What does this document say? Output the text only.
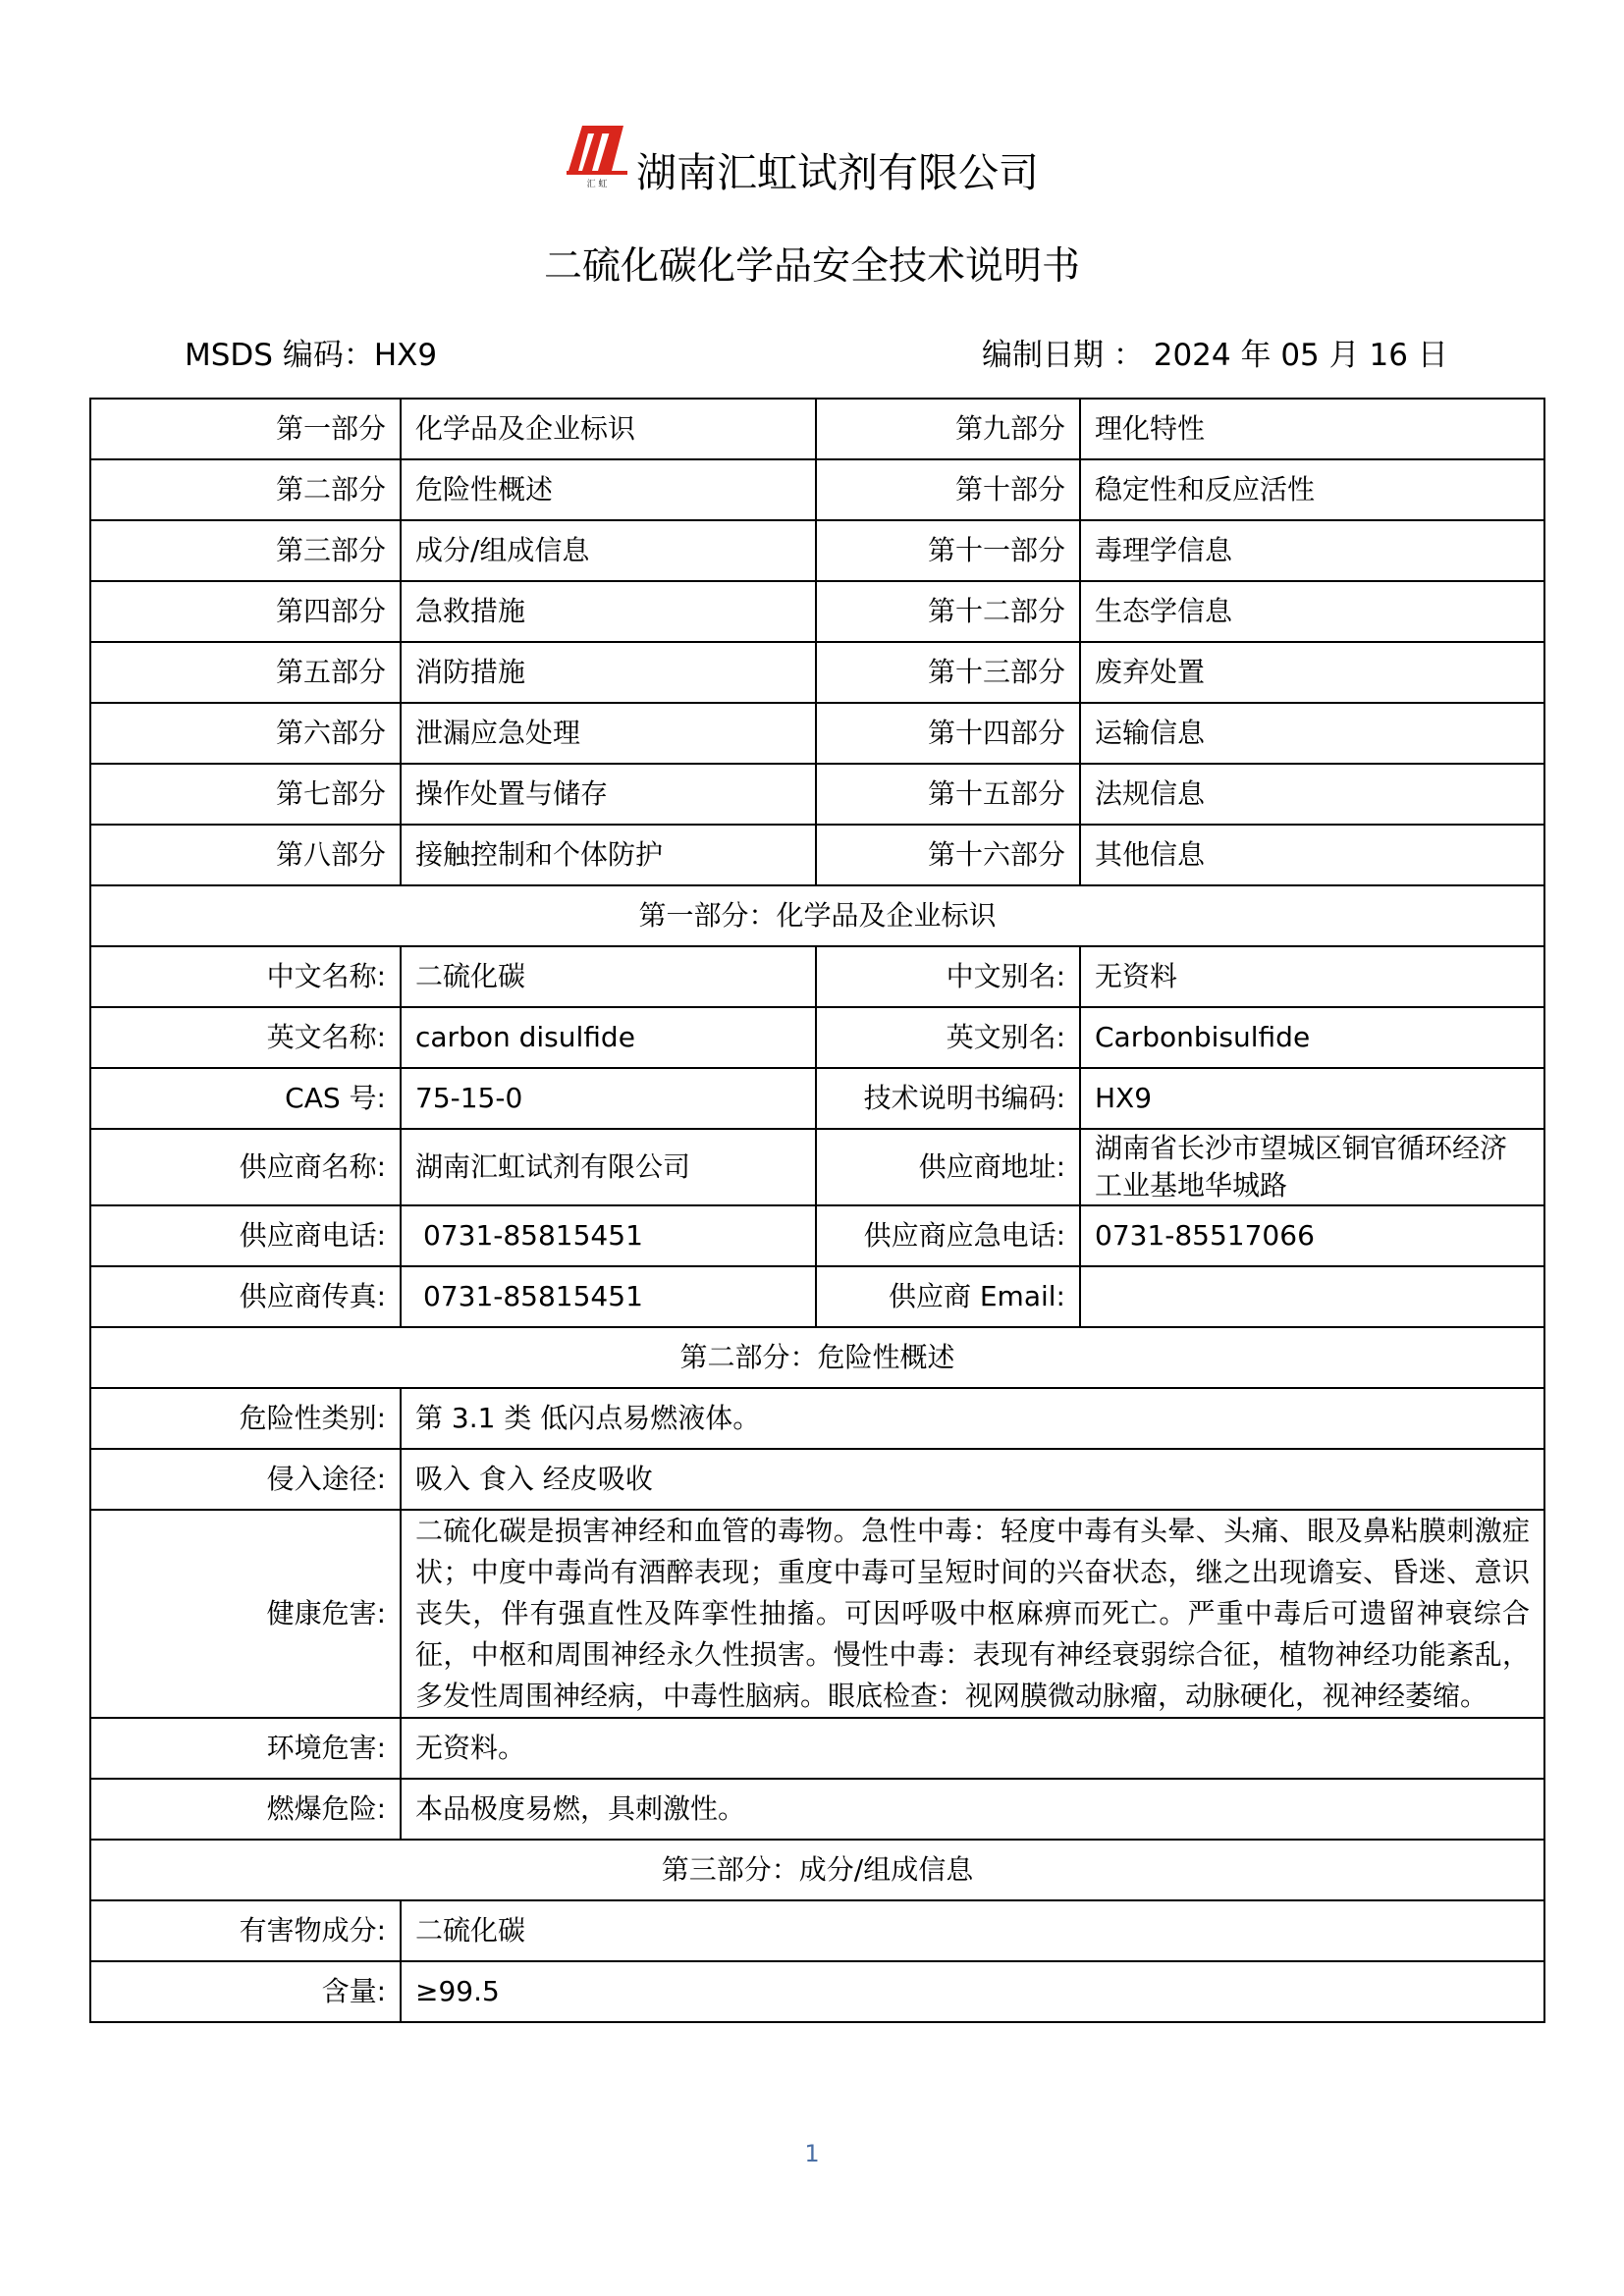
汇 虹 湖南汇虹试剂有限公司
二硫化碳化学品安全技术说明书
MSDS 编码：HX9	编制日期 ： 2024 年 05 月 16 日
第一部分	化学品及企业标识	第九部分	理化特性
第二部分	危险性概述	第十部分	稳定性和反应活性
第三部分	成分/组成信息	第十一部分	毒理学信息
第四部分	急救措施	第十二部分	生态学信息
第五部分	消防措施	第十三部分	废弃处置
第六部分	泄漏应急处理	第十四部分	运输信息
第七部分	操作处置与储存	第十五部分	法规信息
第八部分	接触控制和个体防护	第十六部分	其他信息
第一部分：化学品及企业标识			
中文名称:	二硫化碳	中文别名:	无资料
英文名称:	carbon disulfide	英文别名:	Carbonbisulfide
CAS 号:	75-15-0	技术说明书编码:	HX9
供应商名称:	湖南汇虹试剂有限公司	供应商地址:	湖南省长沙市望城区铜官循环经济工业基地华城路
供应商电话:	0731-85815451	供应商应急电话:	0731-85517066
供应商传真:	0731-85815451	供应商 Email:	
第二部分：危险性概述			
危险性类别:	第 3.1 类 低闪点易燃液体。		
侵入途径:	吸入 食入 经皮吸收		
健康危害:	二硫化碳是损害神经和血管的毒物。急性中毒：轻度中毒有头晕、头痛、眼及鼻粘膜刺激症状；中度中毒尚有酒醉表现；重度中毒可呈短时间的兴奋状态，继之出现谵妄、昏迷、意识丧失，伴有强直性及阵挛性抽搐。可因呼吸中枢麻痹而死亡。严重中毒后可遗留神衰综合征，中枢和周围神经永久性损害。慢性中毒：表现有神经衰弱综合征，植物神经功能紊乱，多发性周围神经病，中毒性脑病。眼底检查：视网膜微动脉瘤，动脉硬化，视神经萎缩。		
环境危害:	无资料。		
燃爆危险:	本品极度易燃，具刺激性。		
第三部分：成分/组成信息			
有害物成分:	二硫化碳		
含量:	≥99.5		
1
